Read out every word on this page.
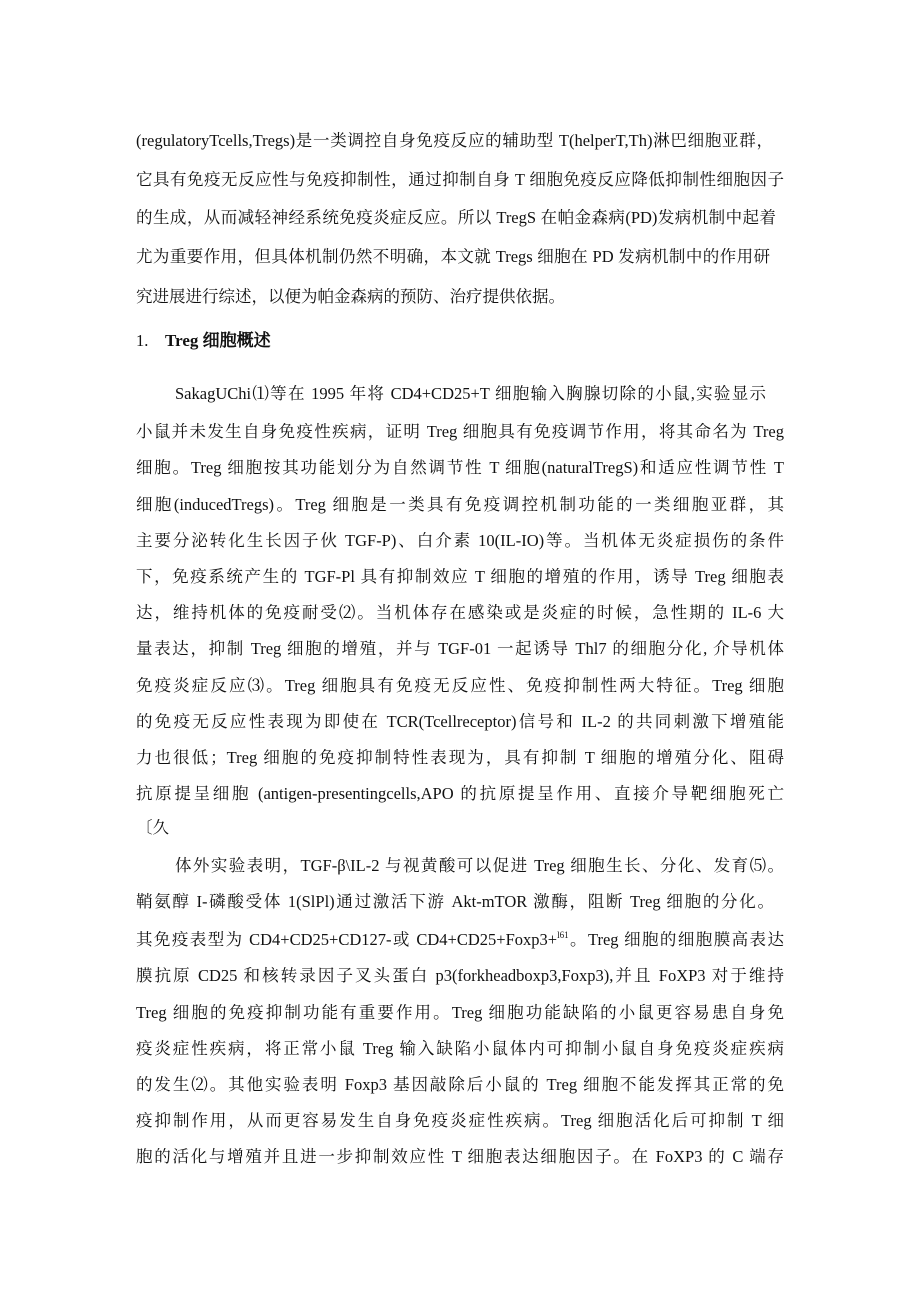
(regulatoryTcells,Tregs)是一类调控自身免疫反应的辅助型 T(helperT,Th)淋巴细胞亚群，
它具有免疫无反应性与免疫抑制性，通过抑制自身 T 细胞免疫反应降低抑制性细胞因子
的生成，从而减轻神经系统免疫炎症反应。所以 TregS 在帕金森病(PD)发病机制中起着
尤为重要作用，但具体机制仍然不明确，本文就 Tregs 细胞在 PD 发病机制中的作用研
究进展进行综述，以便为帕金森病的预防、治疗提供依据。
1. Treg 细胞概述
SakagUChi⑴等在 1995 年将 CD4+CD25+T 细胞输入胸腺切除的小鼠,实验显示
小鼠并未发生自身免疫性疾病，证明 Treg 细胞具有免疫调节作用，将其命名为 Treg
细胞。Treg 细胞按其功能划分为自然调节性 T 细胞(naturalTregS)和适应性调节性 T
细胞(inducedTregs)。Treg 细胞是一类具有免疫调控机制功能的一类细胞亚群，其
主要分泌转化生长因子伙 TGF-P)、白介素 10(IL-IO)等。当机体无炎症损伤的条件
下，免疫系统产生的 TGF-Pl 具有抑制效应 T 细胞的增殖的作用，诱导 Treg 细胞表
达，维持机体的免疫耐受⑵。当机体存在感染或是炎症的时候，急性期的 IL-6 大
量表达，抑制 Treg 细胞的增殖，并与 TGF-01 一起诱导 Thl7 的细胞分化, 介导机体
免疫炎症反应⑶。Treg 细胞具有免疫无反应性、免疫抑制性两大特征。Treg 细胞
的免疫无反应性表现为即使在 TCR(Tcellreceptor)信号和 IL-2 的共同刺激下增殖能
力也很低；Treg 细胞的免疫抑制特性表现为，具有抑制 T 细胞的增殖分化、阻碍
抗原提呈细胞 (antigen-presentingcells,APO 的抗原提呈作用、直接介导靶细胞死亡
〔久
体外实验表明，TGF-β\IL-2 与视黄酸可以促进 Treg 细胞生长、分化、发育⑸。
鞘氨醇 I-磷酸受体 1(SlPl)通过激活下游 Akt-mTOR 激酶，阻断 Treg 细胞的分化。
其免疫表型为 CD4+CD25+CD127-或 CD4+CD25+Foxp3+$^{l61}$。Treg 细胞的细胞膜高表达
膜抗原 CD25 和核转录因子叉头蛋白 p3(forkheadboxp3,Foxp3),并且 FoXP3 对于维持
Treg 细胞的免疫抑制功能有重要作用。Treg 细胞功能缺陷的小鼠更容易患自身免
疫炎症性疾病，将正常小鼠 Treg 输入缺陷小鼠体内可抑制小鼠自身免疫炎症疾病
的发生⑵。其他实验表明 Foxp3 基因敲除后小鼠的 Treg 细胞不能发挥其正常的免
疫抑制作用，从而更容易发生自身免疫炎症性疾病。Treg 细胞活化后可抑制 T 细
胞的活化与增殖并且进一步抑制效应性 T 细胞表达细胞因子。在 FoXP3 的 C 端存
